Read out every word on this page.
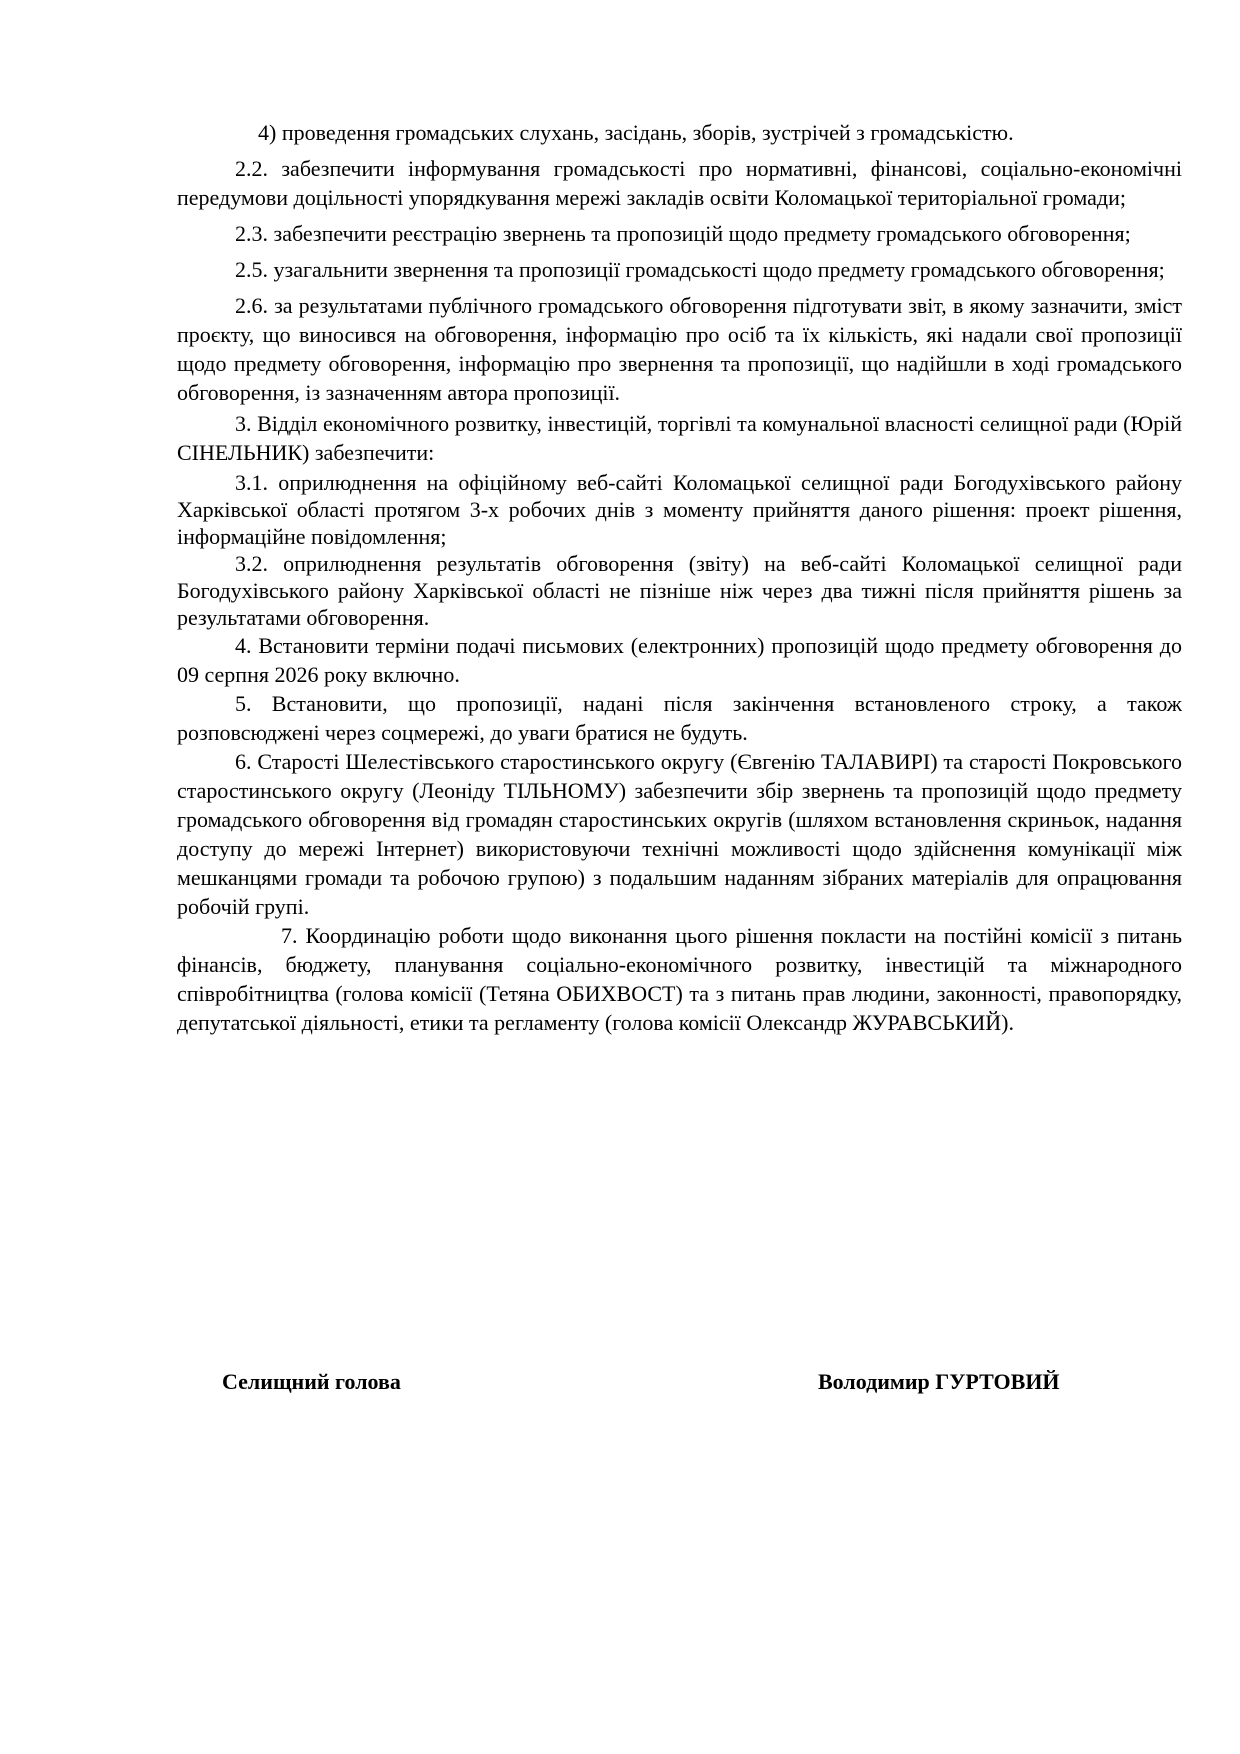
4) проведення громадських слухань, засідань, зборів, зустрічей з громадськістю.

2.2. забезпечити інформування громадськості про нормативні, фінансові, соціально-економічні передумови доцільності упорядкування мережі закладів освіти Коломацької територіальної громади;

2.3. забезпечити реєстрацію звернень та пропозицій щодо предмету громадського обговорення;

2.5. узагальнити звернення та пропозиції громадськості щодо предмету громадського обговорення;

2.6. за результатами публічного громадського обговорення підготувати звіт, в якому зазначити, зміст проєкту, що виносився на обговорення, інформацію про осіб та їх кількість, які надали свої пропозиції щодо предмету обговорення, інформацію про звернення та пропозиції, що надійшли в ході громадського обговорення, із зазначенням автора пропозиції.

3. Відділ економічного розвитку, інвестицій, торгівлі та комунальної власності селищної ради (Юрій СІНЕЛЬНИК) забезпечити:

3.1. оприлюднення на офіційному веб-сайті Коломацької селищної ради Богодухівського району Харківської області протягом 3-х робочих днів з моменту прийняття даного рішення: проект рішення, інформаційне повідомлення;

3.2. оприлюднення результатів обговорення (звіту) на веб-сайті Коломацької селищної ради Богодухівського району Харківської області не пізніше ніж через два тижні після прийняття рішень за результатами обговорення.

4. Встановити терміни подачі письмових (електронних) пропозицій щодо предмету обговорення до 09 серпня 2026 року включно.

5. Встановити, що пропозиції, надані після закінчення встановленого строку, а також розповсюджені через соцмережі, до уваги братися не будуть.

6. Старості Шелестівського старостинського округу (Євгенію ТАЛАВИРІ) та старості Покровського старостинського округу (Леоніду ТІЛЬНОМУ) забезпечити збір звернень та пропозицій щодо предмету громадського обговорення від громадян старостинських округів (шляхом встановлення скриньок, надання доступу до мережі Інтернет) використовуючи технічні можливості щодо здійснення комунікації між мешканцями громади та робочою групою) з подальшим наданням зібраних матеріалів для опрацювання робочій групі.

7. Координацію роботи щодо виконання цього рішення покласти на постійні комісії з питань фінансів, бюджету, планування соціально-економічного розвитку, інвестицій та міжнародного співробітництва (голова комісії (Тетяна ОБИХВОСТ) та з питань прав людини, законності, правопорядку, депутатської діяльності, етики та регламенту (голова комісії Олександр ЖУРАВСЬКИЙ).

Селищний голова	Володимир ГУРТОВИЙ
